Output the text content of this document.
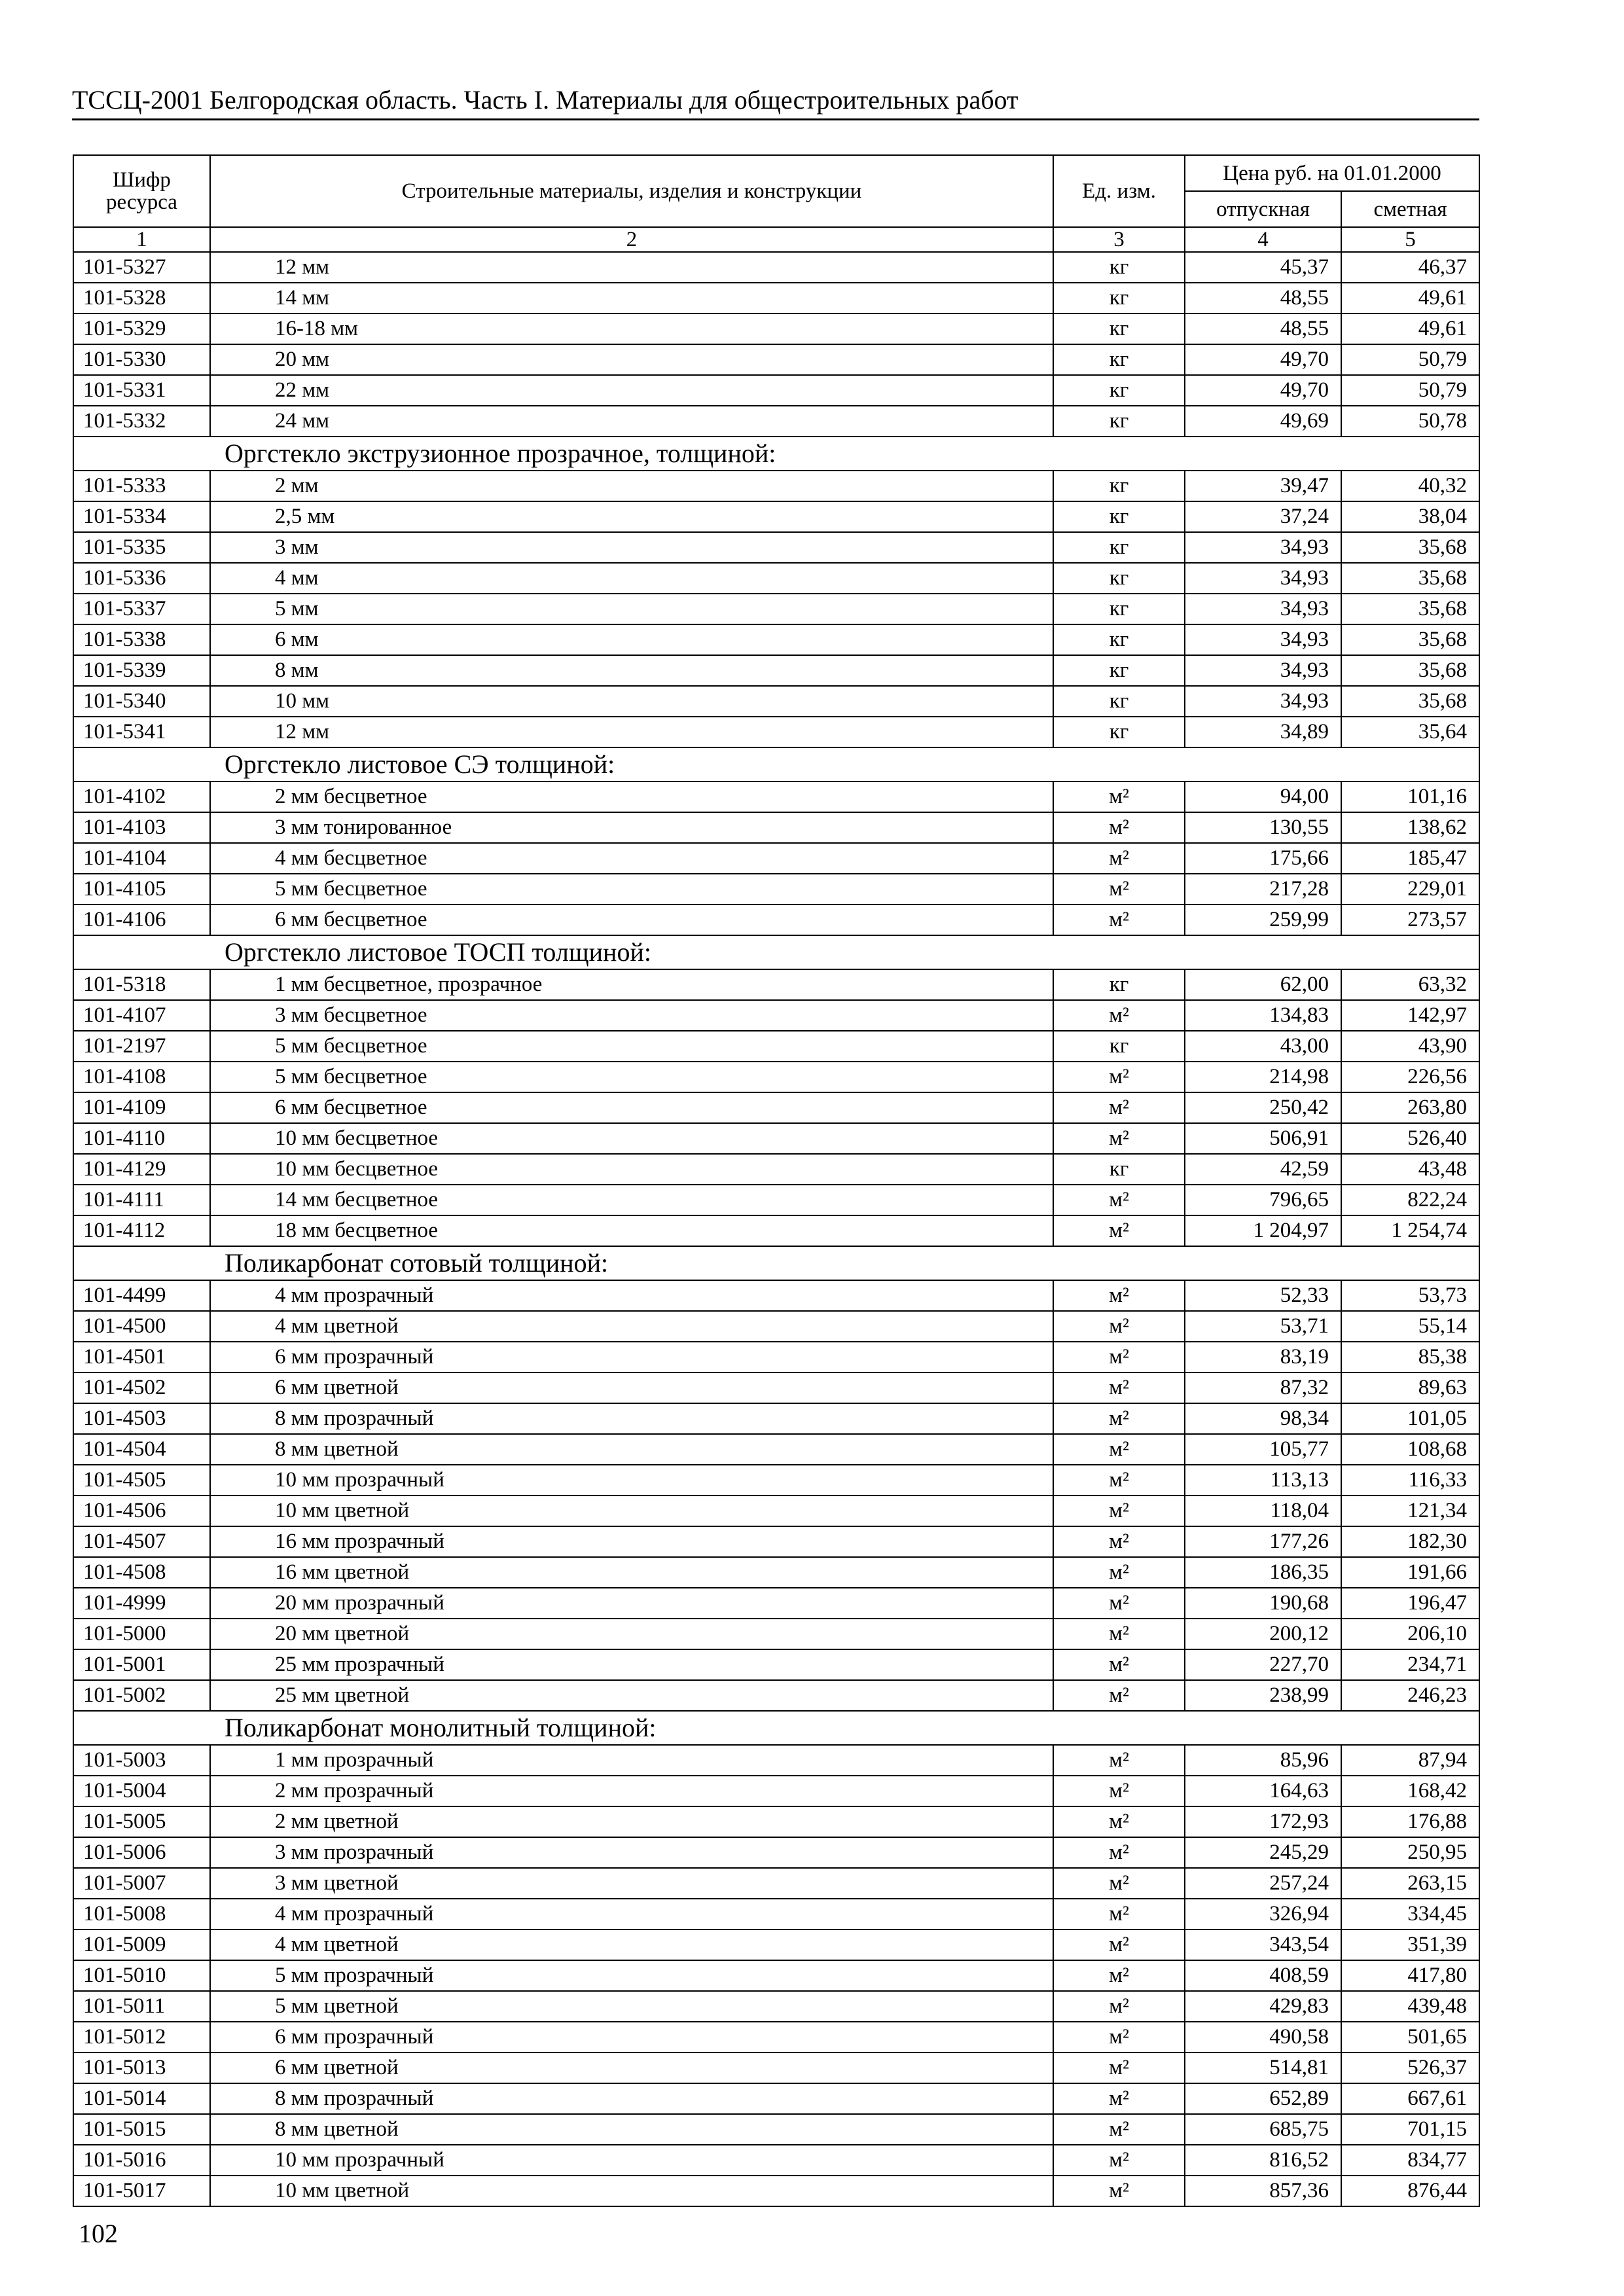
ТССЦ-2001 Белгородская область. Часть I. Материалы для общестроительных работ
Шифр ресурса	Строительные материалы, изделия и конструкции	Ед. изм.	Цена руб. на 01.01.2000	
			отпускная	сметная
1	2	3	4	5
101-5327	12 мм	кг	45,37	46,37
101-5328	14 мм	кг	48,55	49,61
101-5329	16-18 мм	кг	48,55	49,61
101-5330	20 мм	кг	49,70	50,79
101-5331	22 мм	кг	49,70	50,79
101-5332	24 мм	кг	49,69	50,78
Оргстекло экструзионное прозрачное, толщиной:				
101-5333	2 мм	кг	39,47	40,32
101-5334	2,5 мм	кг	37,24	38,04
101-5335	3 мм	кг	34,93	35,68
101-5336	4 мм	кг	34,93	35,68
101-5337	5 мм	кг	34,93	35,68
101-5338	6 мм	кг	34,93	35,68
101-5339	8 мм	кг	34,93	35,68
101-5340	10 мм	кг	34,93	35,68
101-5341	12 мм	кг	34,89	35,64
Оргстекло листовое СЭ толщиной:				
101-4102	2 мм бесцветное	м²	94,00	101,16
101-4103	3 мм тонированное	м²	130,55	138,62
101-4104	4 мм бесцветное	м²	175,66	185,47
101-4105	5 мм бесцветное	м²	217,28	229,01
101-4106	6 мм бесцветное	м²	259,99	273,57
Оргстекло листовое ТОСП толщиной:				
101-5318	1 мм бесцветное, прозрачное	кг	62,00	63,32
101-4107	3 мм бесцветное	м²	134,83	142,97
101-2197	5 мм бесцветное	кг	43,00	43,90
101-4108	5 мм бесцветное	м²	214,98	226,56
101-4109	6 мм бесцветное	м²	250,42	263,80
101-4110	10 мм бесцветное	м²	506,91	526,40
101-4129	10 мм бесцветное	кг	42,59	43,48
101-4111	14 мм бесцветное	м²	796,65	822,24
101-4112	18 мм бесцветное	м²	1 204,97	1 254,74
Поликарбонат сотовый толщиной:				
101-4499	4 мм прозрачный	м²	52,33	53,73
101-4500	4 мм цветной	м²	53,71	55,14
101-4501	6 мм прозрачный	м²	83,19	85,38
101-4502	6 мм цветной	м²	87,32	89,63
101-4503	8 мм прозрачный	м²	98,34	101,05
101-4504	8 мм цветной	м²	105,77	108,68
101-4505	10 мм прозрачный	м²	113,13	116,33
101-4506	10 мм цветной	м²	118,04	121,34
101-4507	16 мм прозрачный	м²	177,26	182,30
101-4508	16 мм цветной	м²	186,35	191,66
101-4999	20 мм прозрачный	м²	190,68	196,47
101-5000	20 мм цветной	м²	200,12	206,10
101-5001	25 мм прозрачный	м²	227,70	234,71
101-5002	25 мм цветной	м²	238,99	246,23
Поликарбонат монолитный толщиной:				
101-5003	1 мм прозрачный	м²	85,96	87,94
101-5004	2 мм прозрачный	м²	164,63	168,42
101-5005	2 мм цветной	м²	172,93	176,88
101-5006	3 мм прозрачный	м²	245,29	250,95
101-5007	3 мм цветной	м²	257,24	263,15
101-5008	4 мм прозрачный	м²	326,94	334,45
101-5009	4 мм цветной	м²	343,54	351,39
101-5010	5 мм прозрачный	м²	408,59	417,80
101-5011	5 мм цветной	м²	429,83	439,48
101-5012	6 мм прозрачный	м²	490,58	501,65
101-5013	6 мм цветной	м²	514,81	526,37
101-5014	8 мм прозрачный	м²	652,89	667,61
101-5015	8 мм цветной	м²	685,75	701,15
101-5016	10 мм прозрачный	м²	816,52	834,77
101-5017	10 мм цветной	м²	857,36	876,44
102
